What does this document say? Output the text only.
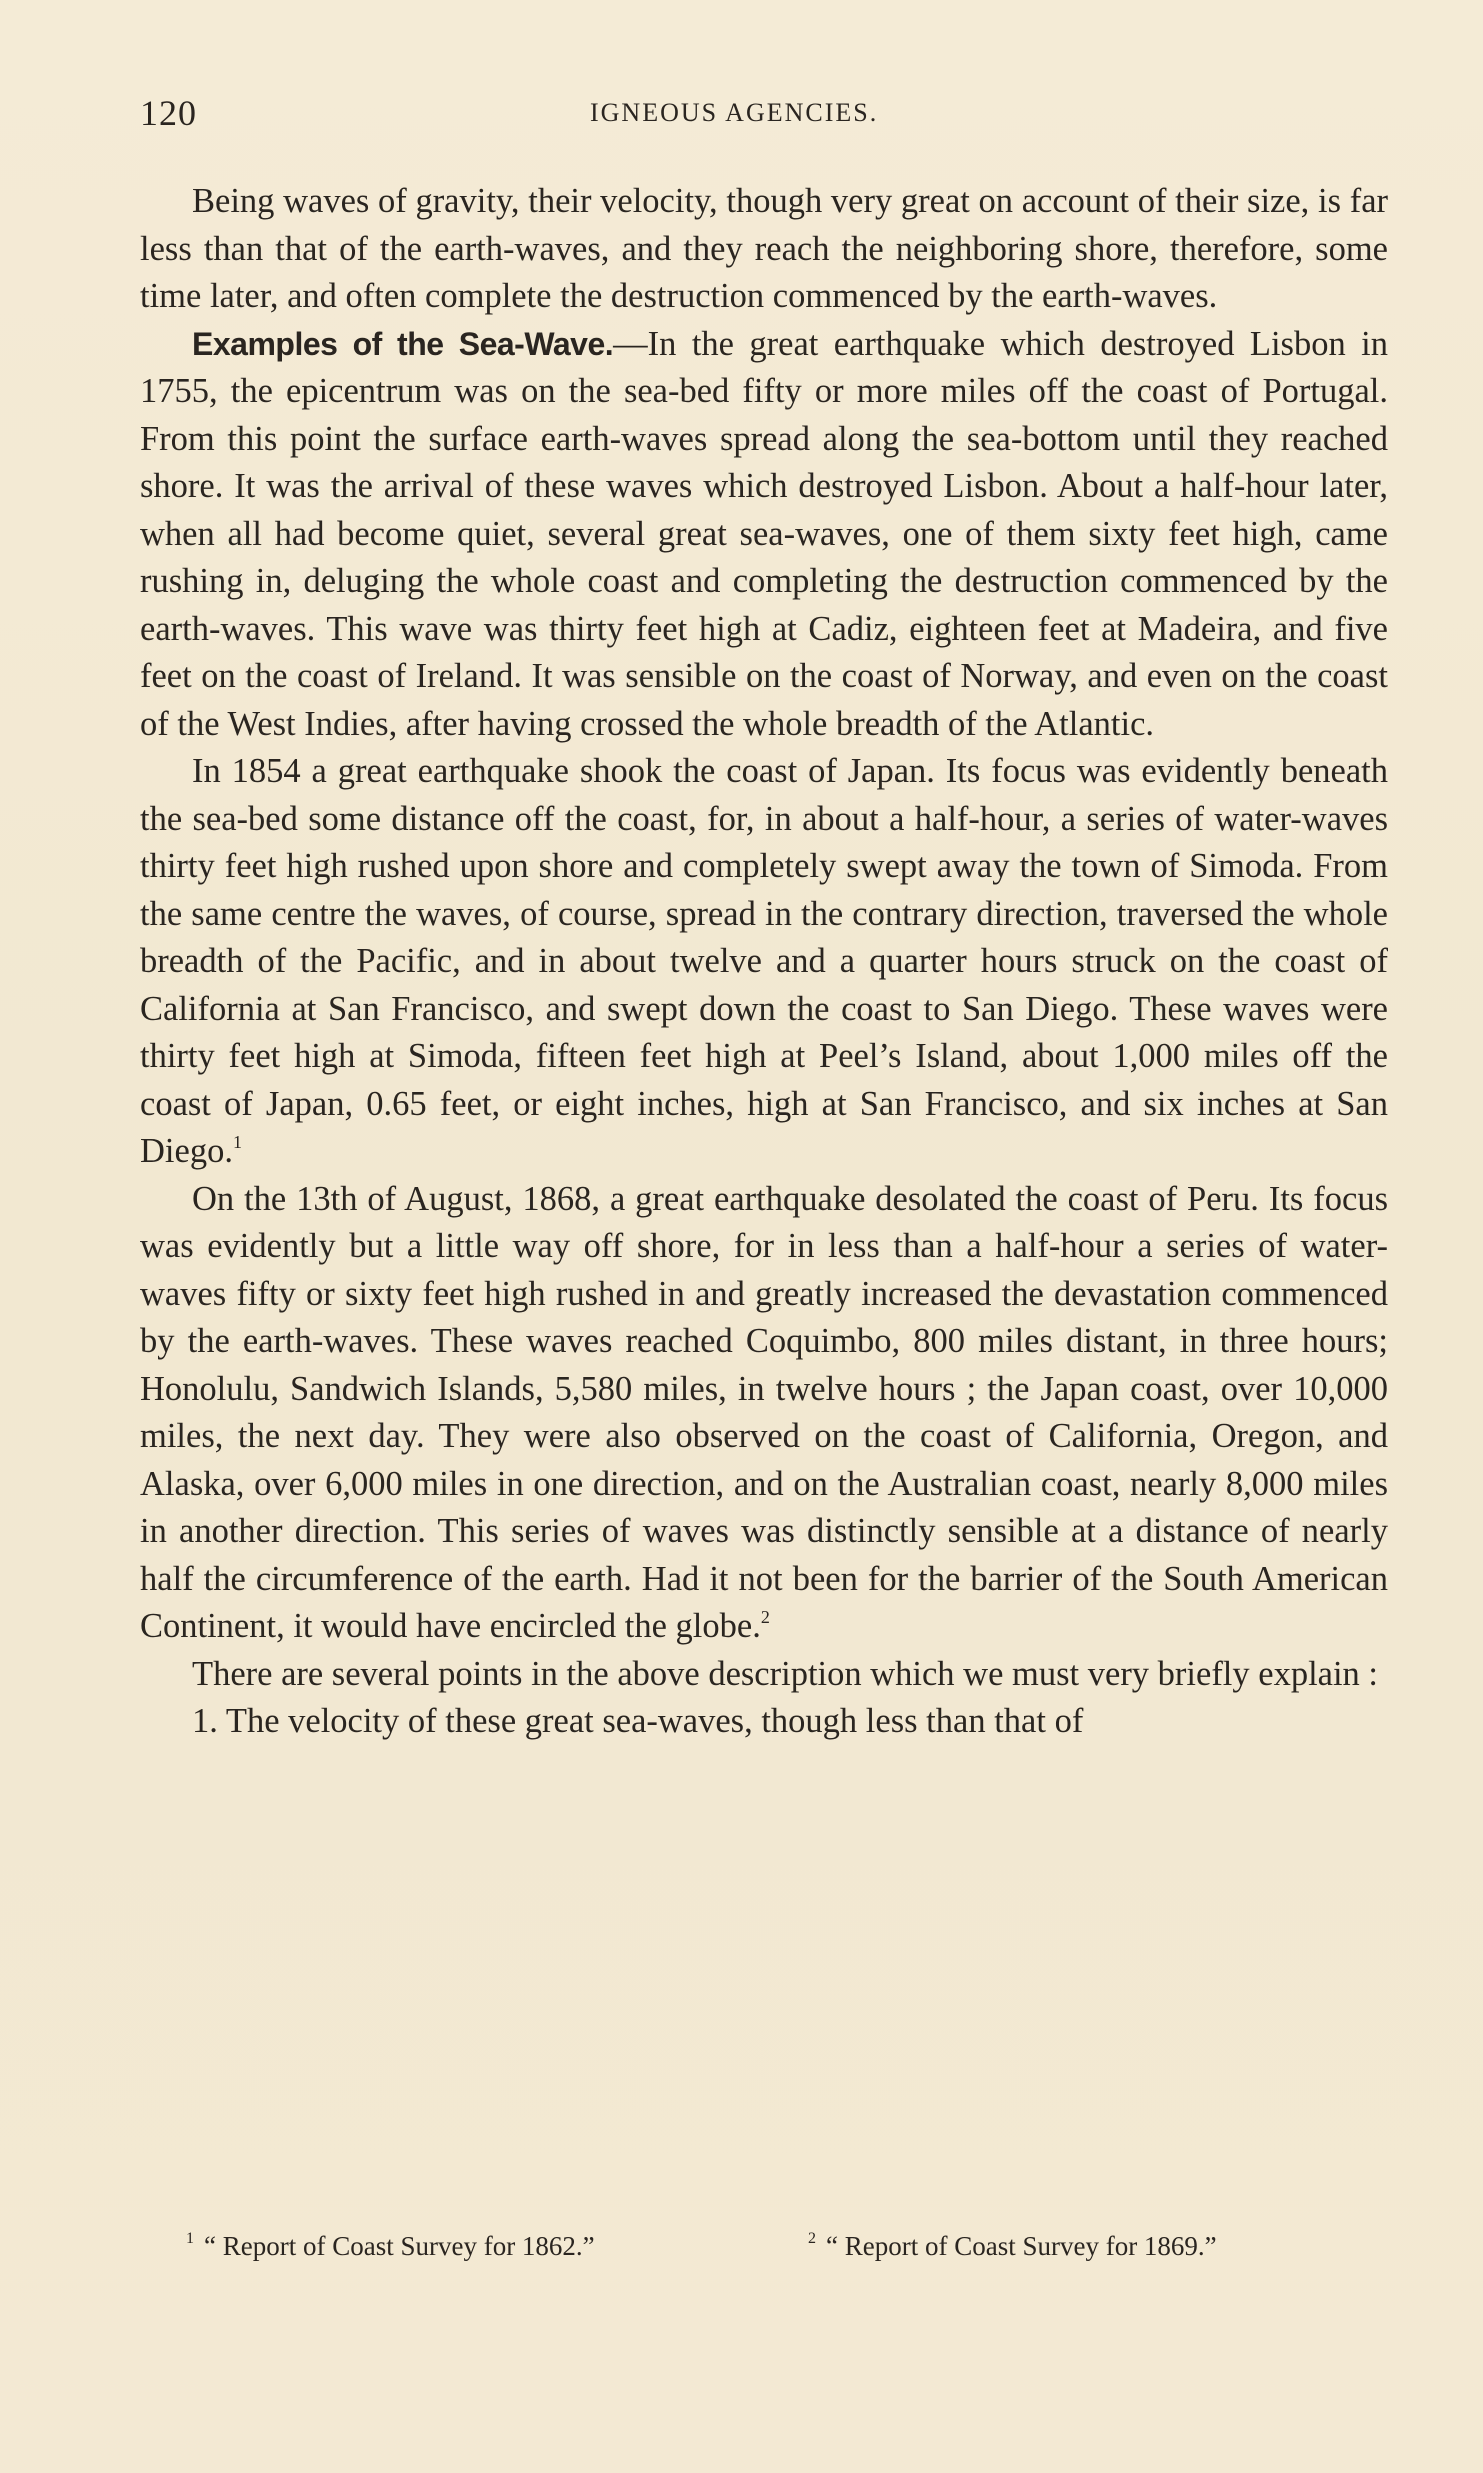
120	IGNEOUS AGENCIES.

Being waves of gravity, their velocity, though very great on account of their size, is far less than that of the earth-waves, and they reach the neighboring shore, therefore, some time later, and often complete the destruction commenced by the earth-waves.

Examples of the Sea-Wave.—In the great earthquake which destroyed Lisbon in 1755, the epicentrum was on the sea-bed fifty or more miles off the coast of Portugal. From this point the surface earth-waves spread along the sea-bottom until they reached shore. It was the arrival of these waves which destroyed Lisbon. About a half-hour later, when all had become quiet, several great sea-waves, one of them sixty feet high, came rushing in, deluging the whole coast and completing the destruction commenced by the earth-waves. This wave was thirty feet high at Cadiz, eighteen feet at Madeira, and five feet on the coast of Ireland. It was sensible on the coast of Norway, and even on the coast of the West Indies, after having crossed the whole breadth of the Atlantic.

In 1854 a great earthquake shook the coast of Japan. Its focus was evidently beneath the sea-bed some distance off the coast, for, in about a half-hour, a series of water-waves thirty feet high rushed upon shore and completely swept away the town of Simoda. From the same centre the waves, of course, spread in the contrary direction, traversed the whole breadth of the Pacific, and in about twelve and a quarter hours struck on the coast of California at San Francisco, and swept down the coast to San Diego. These waves were thirty feet high at Simoda, fifteen feet high at Peel’s Island, about 1,000 miles off the coast of Japan, 0.65 feet, or eight inches, high at San Francisco, and six inches at San Diego.$^1$

On the 13th of August, 1868, a great earthquake desolated the coast of Peru. Its focus was evidently but a little way off shore, for in less than a half-hour a series of water-waves fifty or sixty feet high rushed in and greatly increased the devastation commenced by the earth-waves. These waves reached Coquimbo, 800 miles distant, in three hours; Honolulu, Sandwich Islands, 5,580 miles, in twelve hours ; the Japan coast, over 10,000 miles, the next day. They were also observed on the coast of California, Oregon, and Alaska, over 6,000 miles in one direction, and on the Australian coast, nearly 8,000 miles in another direction. This series of waves was distinctly sensible at a distance of nearly half the circumference of the earth. Had it not been for the barrier of the South American Continent, it would have encircled the globe.$^2$

There are several points in the above description which we must very briefly explain :

1. The velocity of these great sea-waves, though less than that of

$^1$ “ Report of Coast Survey for 1862.”	$^2$ “ Report of Coast Survey for 1869.”
